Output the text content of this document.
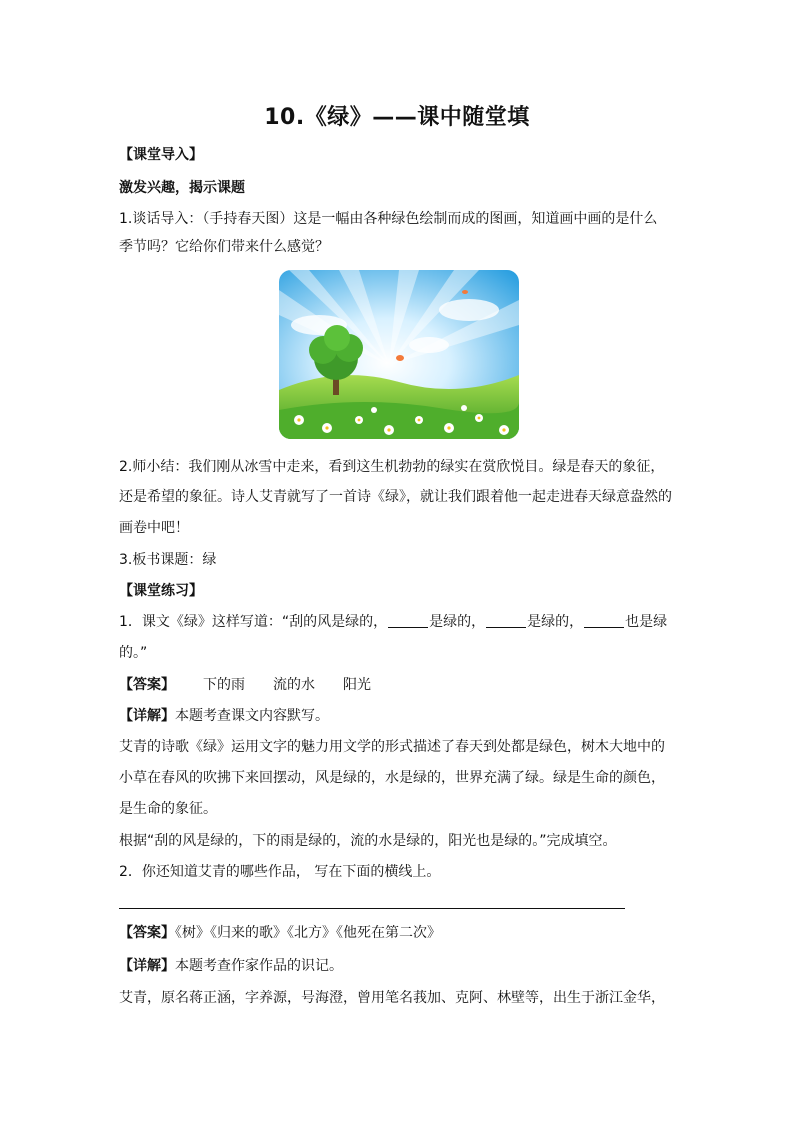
10.《绿》——课中随堂填
【课堂导入】
激发兴趣，揭示课题
1.谈话导入：（手持春天图）这是一幅由各种绿色绘制而成的图画，知道画中画的是什么
季节吗？它给你们带来什么感觉？
2.师小结：我们刚从冰雪中走来，看到这生机勃勃的绿实在赏欣悦目。绿是春天的象征，
还是希望的象征。诗人艾青就写了一首诗《绿》，就让我们跟着他一起走进春天绿意盎然的
画卷中吧！
3.板书课题：绿
【课堂练习】
1．课文《绿》这样写道：“刮的风是绿的，	是绿的，	是绿的，	也是绿
的。”
【答案】 下的雨 流的水 阳光
【详解】本题考查课文内容默写。
艾青的诗歌《绿》运用文字的魅力用文学的形式描述了春天到处都是绿色，树木大地中的
小草在春风的吹拂下来回摆动，风是绿的，水是绿的，世界充满了绿。绿是生命的颜色，
是生命的象征。
根据“刮的风是绿的，下的雨是绿的，流的水是绿的，阳光也是绿的。”完成填空。
2．你还知道艾青的哪些作品， 写在下面的横线上。
【答案】《树》《归来的歌》《北方》《他死在第二次》
【详解】本题考查作家作品的识记。
艾青，原名蒋正涵，字养源，号海澄，曾用笔名莪加、克阿、林壁等，出生于浙江金华，
